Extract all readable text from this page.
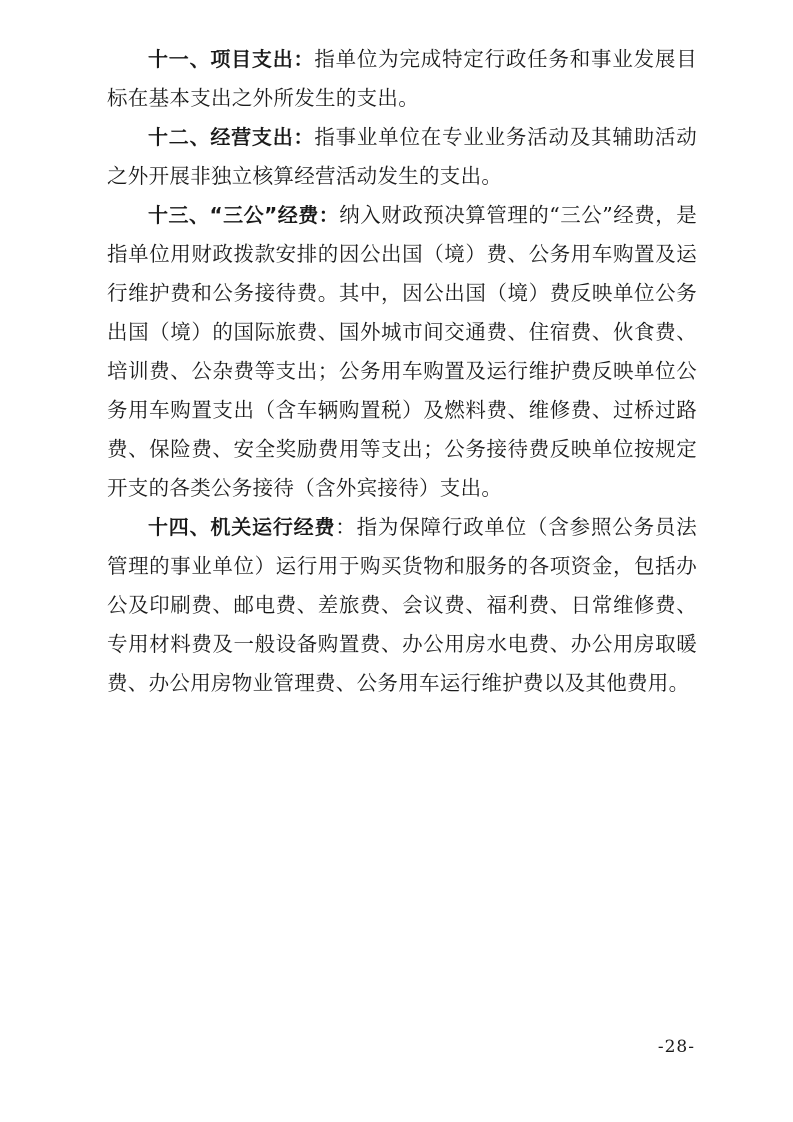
十一、项目支出：指单位为完成特定行政任务和事业发展目标在基本支出之外所发生的支出。

十二、经营支出：指事业单位在专业业务活动及其辅助活动之外开展非独立核算经营活动发生的支出。

十三、“三公”经费：纳入财政预决算管理的“三公”经费，是指单位用财政拨款安排的因公出国（境）费、公务用车购置及运行维护费和公务接待费。其中，因公出国（境）费反映单位公务出国（境）的国际旅费、国外城市间交通费、住宿费、伙食费、培训费、公杂费等支出；公务用车购置及运行维护费反映单位公务用车购置支出（含车辆购置税）及燃料费、维修费、过桥过路费、保险费、安全奖励费用等支出；公务接待费反映单位按规定开支的各类公务接待（含外宾接待）支出。

十四、机关运行经费：指为保障行政单位（含参照公务员法管理的事业单位）运行用于购买货物和服务的各项资金，包括办公及印刷费、邮电费、差旅费、会议费、福利费、日常维修费、专用材料费及一般设备购置费、办公用房水电费、办公用房取暖费、办公用房物业管理费、公务用车运行维护费以及其他费用。

-28-
